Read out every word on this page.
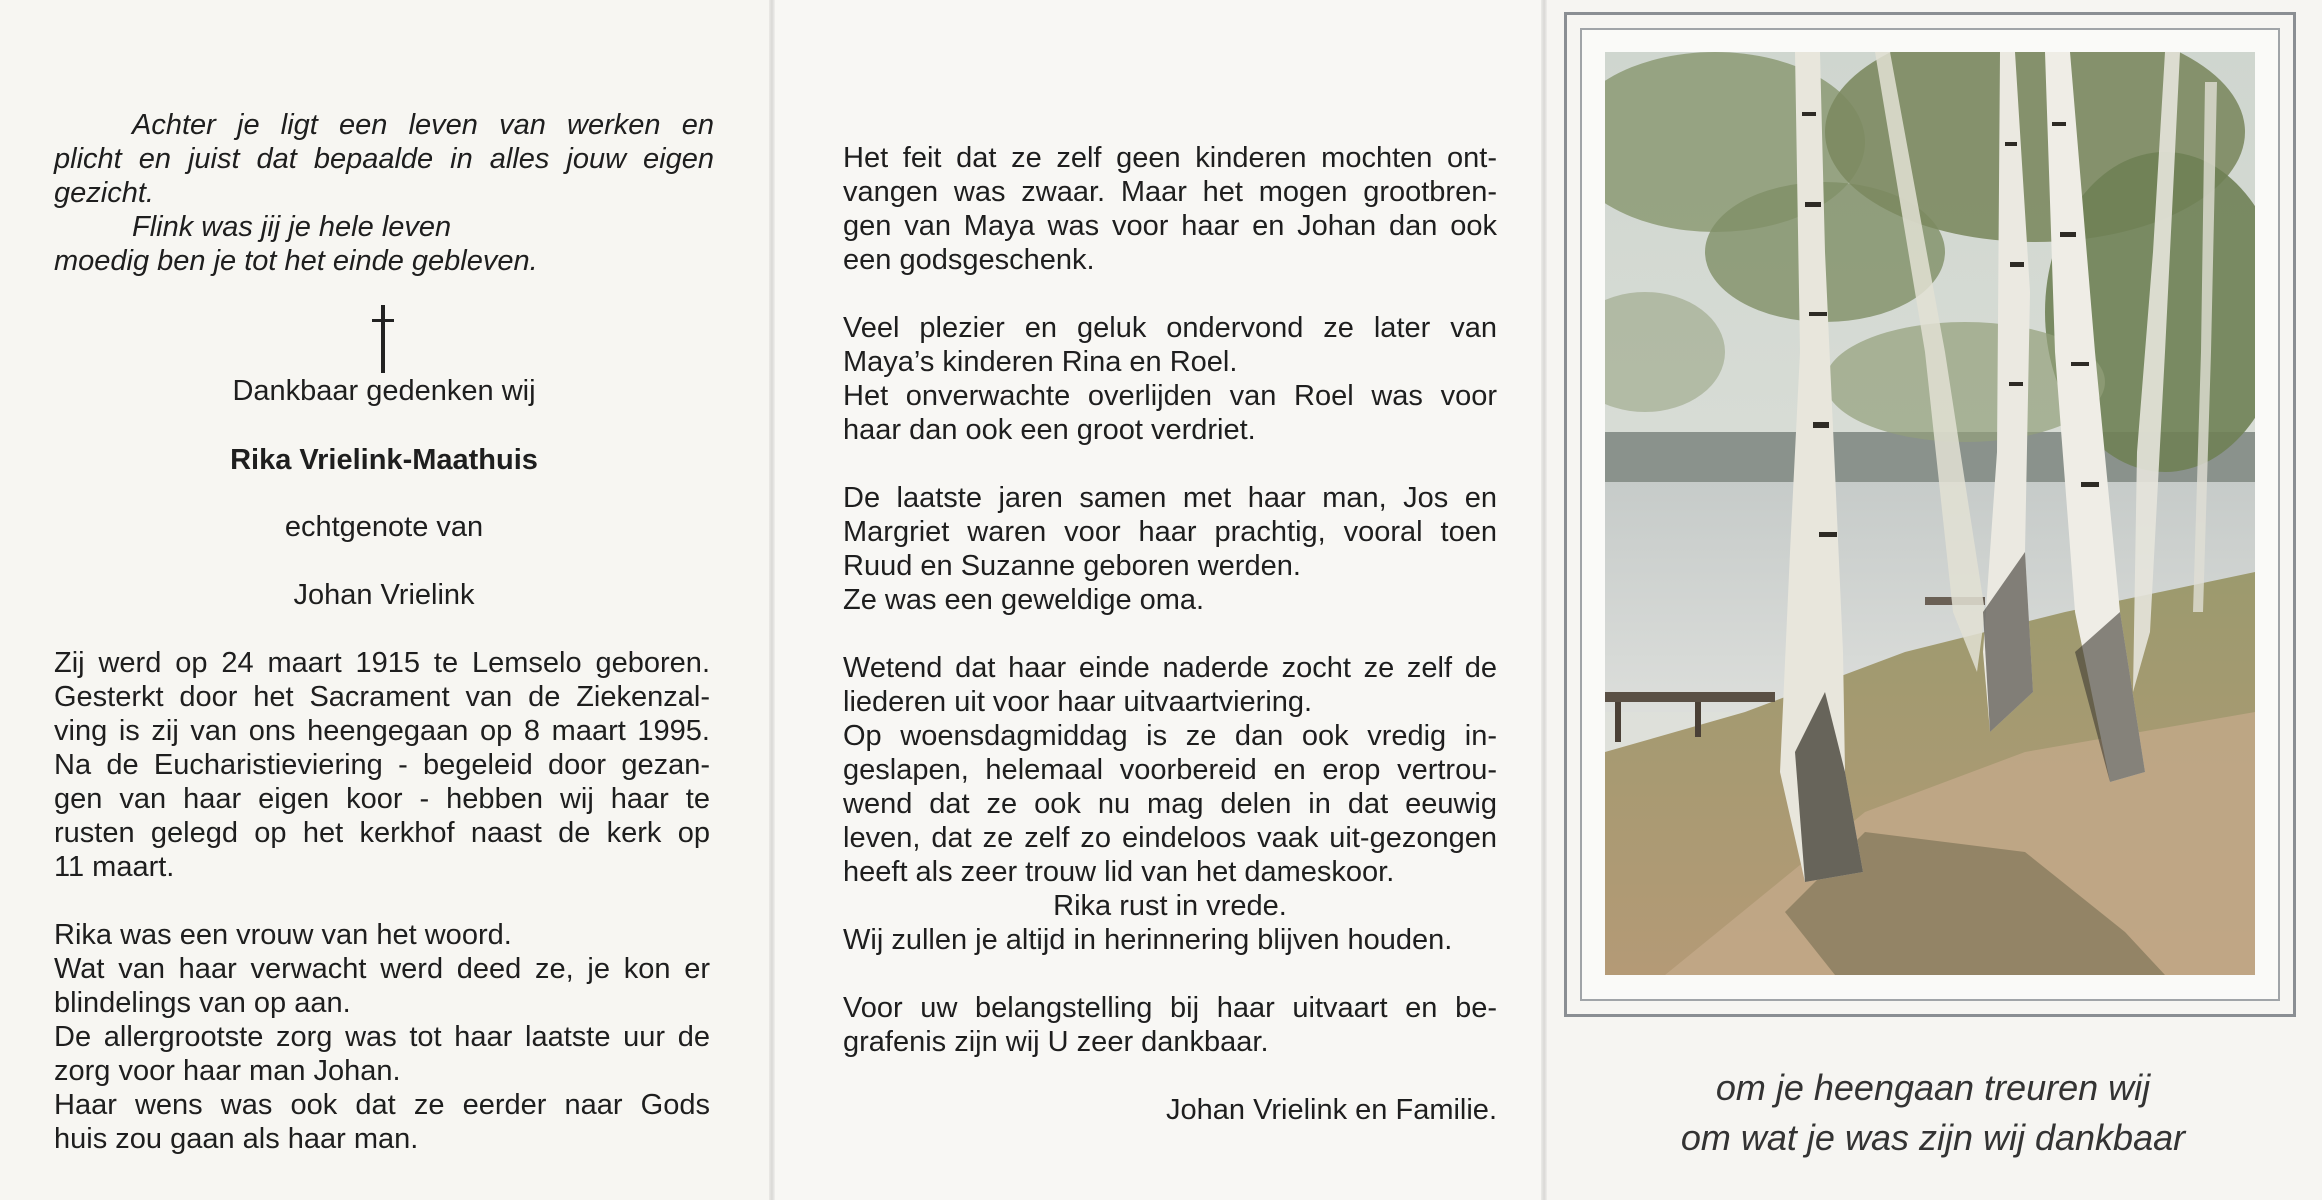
Achter je ligt een leven van werken en

plicht en juist dat bepaalde in alles jouw eigen

gezicht.

Flink was jij je hele leven

moedig ben je tot het einde gebleven.

Dankbaar gedenken wij
Rika Vrielink-Maathuis
echtgenote van
Johan Vrielink

Zij werd op 24 maart 1915 te Lemselo geboren.

Gesterkt door het Sacrament van de Ziekenzal-

ving is zij van ons heengegaan op 8 maart 1995.

Na de Eucharistieviering - begeleid door gezan-

gen van haar eigen koor - hebben wij haar te

rusten gelegd op het kerkhof naast de kerk op

11 maart.

Rika was een vrouw van het woord.

Wat van haar verwacht werd deed ze, je kon er

blindelings van op aan.

De allergrootste zorg was tot haar laatste uur de

zorg voor haar man Johan.

Haar wens was ook dat ze eerder naar Gods

huis zou gaan als haar man.

Het feit dat ze zelf geen kinderen mochten ont-

vangen was zwaar. Maar het mogen grootbren-

gen van Maya was voor haar en Johan dan ook

een godsgeschenk.

Veel plezier en geluk ondervond ze later van

Maya’s kinderen Rina en Roel.

Het onverwachte overlijden van Roel was voor

haar dan ook een groot verdriet.

De laatste jaren samen met haar man, Jos en

Margriet waren voor haar prachtig, vooral toen

Ruud en Suzanne geboren werden.

Ze was een geweldige oma.

Wetend dat haar einde naderde zocht ze zelf de

liederen uit voor haar uitvaartviering.

Op woensdagmiddag is ze dan ook vredig in-

geslapen, helemaal voorbereid en erop vertrou-

wend dat ze ook nu mag delen in dat eeuwig

leven, dat ze zelf zo eindeloos vaak uit-gezongen

heeft als zeer trouw lid van het dameskoor.

Rika rust in vrede.

Wij zullen je altijd in herinnering blijven houden.

Voor uw belangstelling bij haar uitvaart en be-

grafenis zijn wij U zeer dankbaar.

Johan Vrielink en Familie.

om je heengaan treuren wij
om wat je was zijn wij dankbaar
